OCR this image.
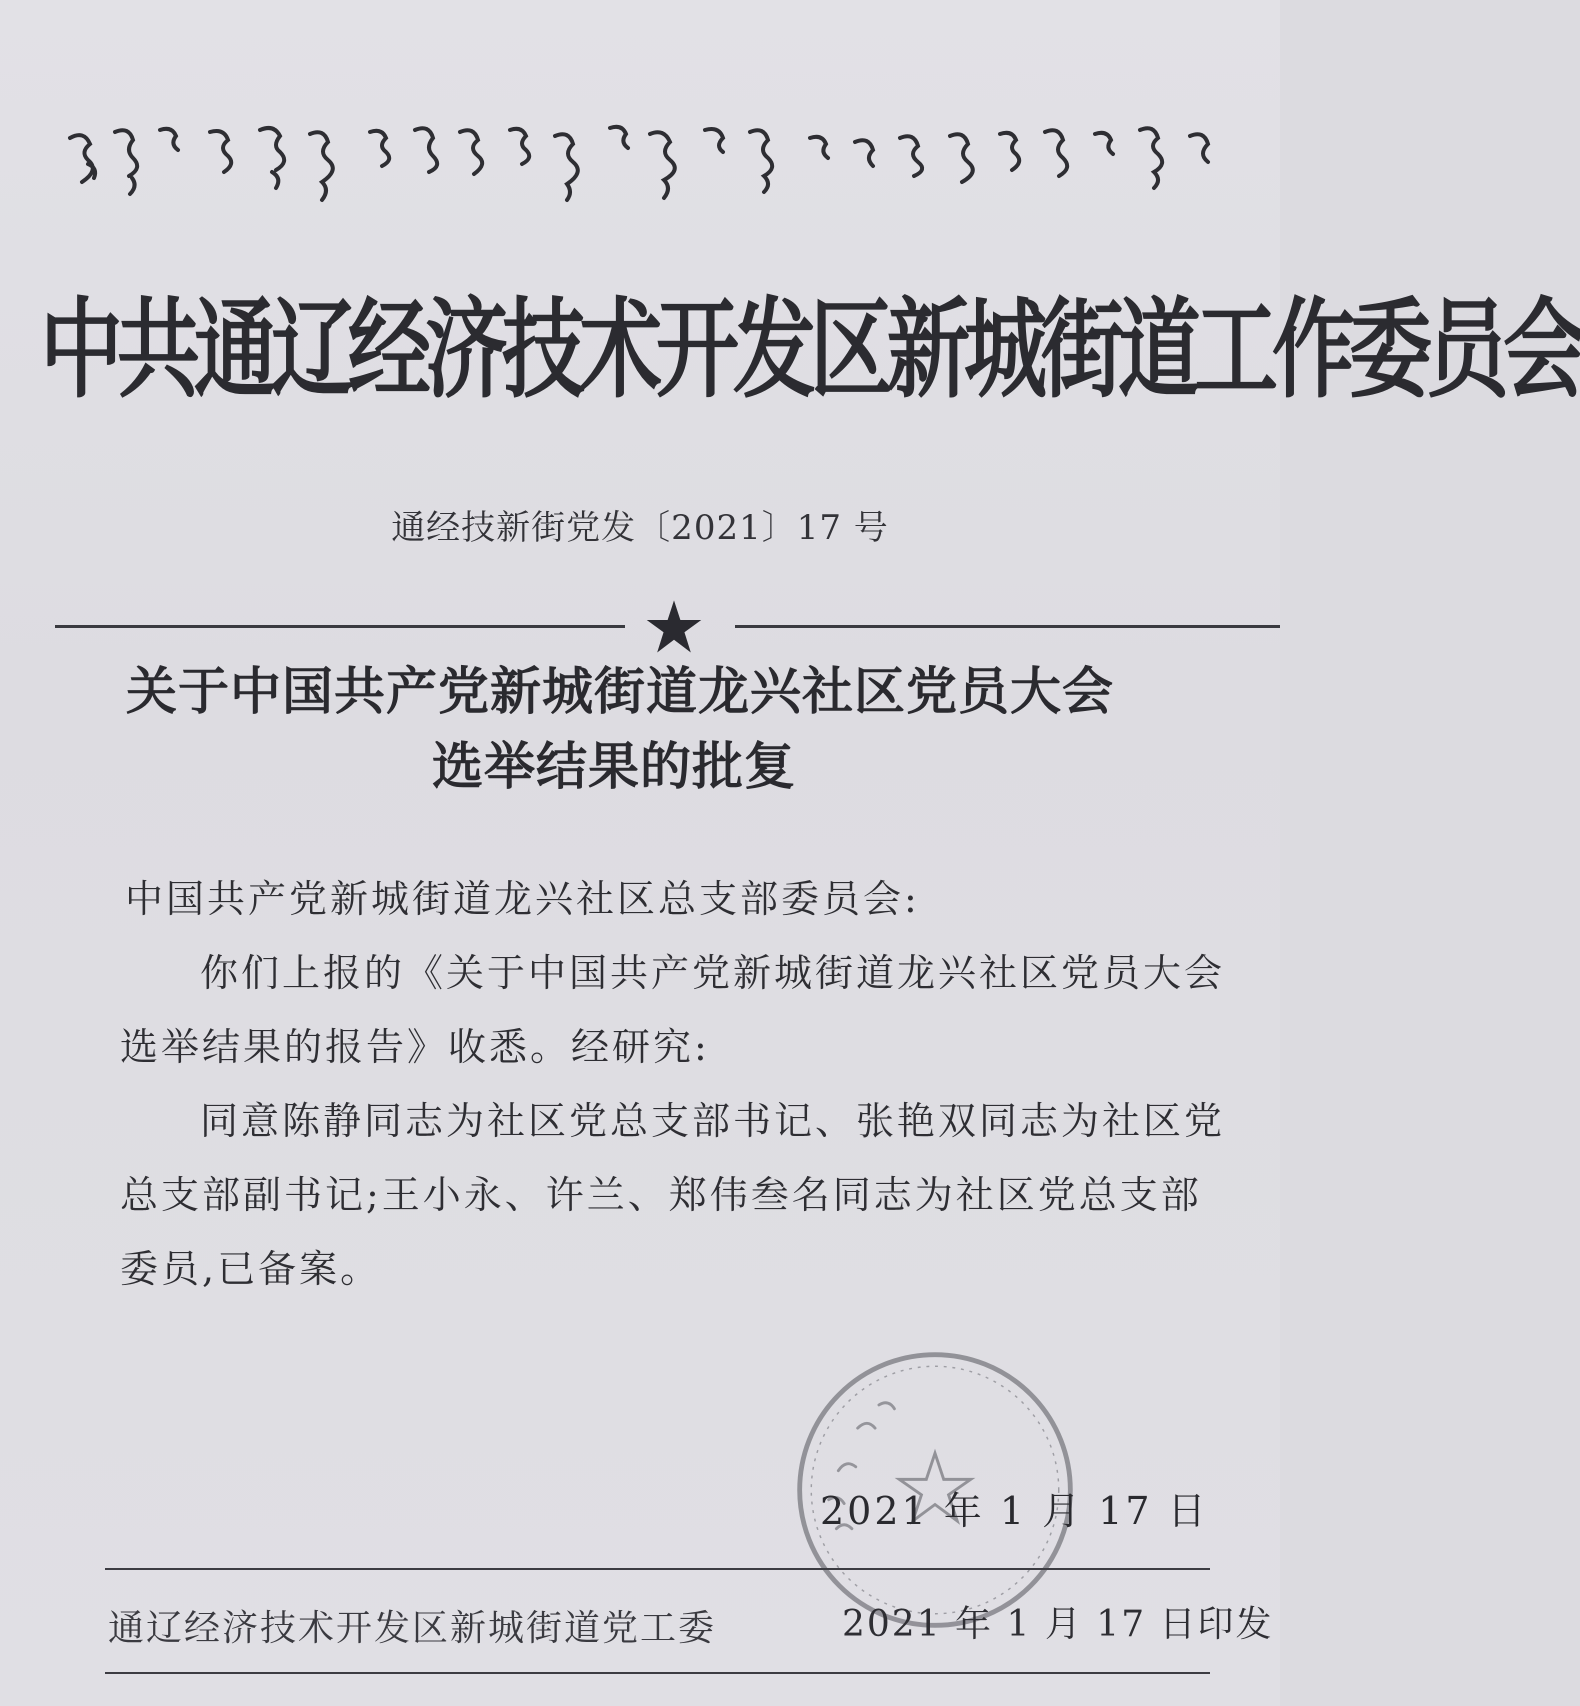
中共通辽经济技术开发区新城街道工作委员会
通经技新街党发〔2021〕17 号
关于中国共产党新城街道龙兴社区党员大会
选举结果的批复
中国共产党新城街道龙兴社区总支部委员会:
你们上报的《关于中国共产党新城街道龙兴社区党员大会
选举结果的报告》收悉。经研究:
同意陈静同志为社区党总支部书记、张艳双同志为社区党
总支部副书记;王小永、许兰、郑伟叁名同志为社区党总支部
委员,已备案。
2021 年 1 月 17 日
通辽经济技术开发区新城街道党工委	2021 年 1 月 17 日印发
